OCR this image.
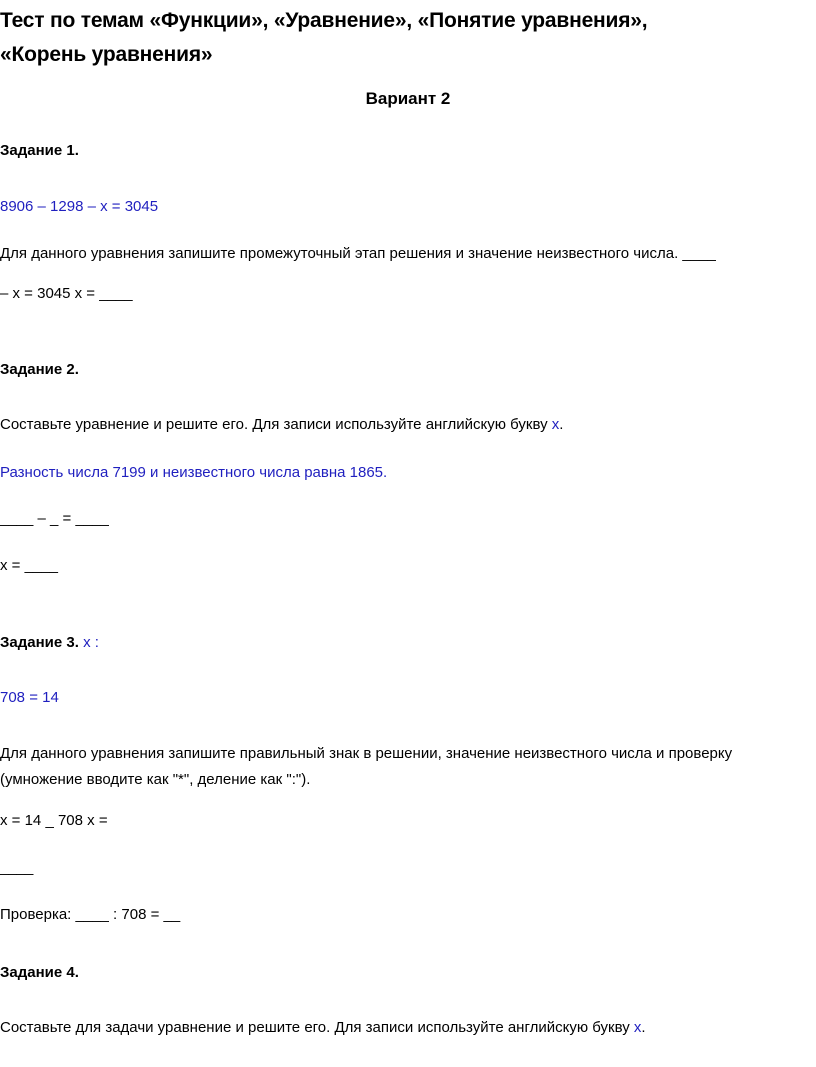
Тест по темам «Функции», «Уравнение», «Понятие уравнения»,
«Корень уравнения»
Вариант 2
Задание 1.
8906 – 1298 – x = 3045
Для данного уравнения запишите промежуточный этап решения и значение неизвестного числа. ____
– x = 3045 x = ____
Задание 2.
Составьте уравнение и решите его. Для записи используйте английскую букву x.
Разность числа 7199 и неизвестного числа равна 1865.
____ – _ = ____
x = ____
Задание 3. x :
708 = 14
Для данного уравнения запишите правильный знак в решении, значение неизвестного числа и проверку
(умножение вводите как "*", деление как ":").
x = 14 _ 708 x =
____
Проверка: ____ : 708 = __
Задание 4.
Составьте для задачи уравнение и решите его. Для записи используйте английскую букву x.
